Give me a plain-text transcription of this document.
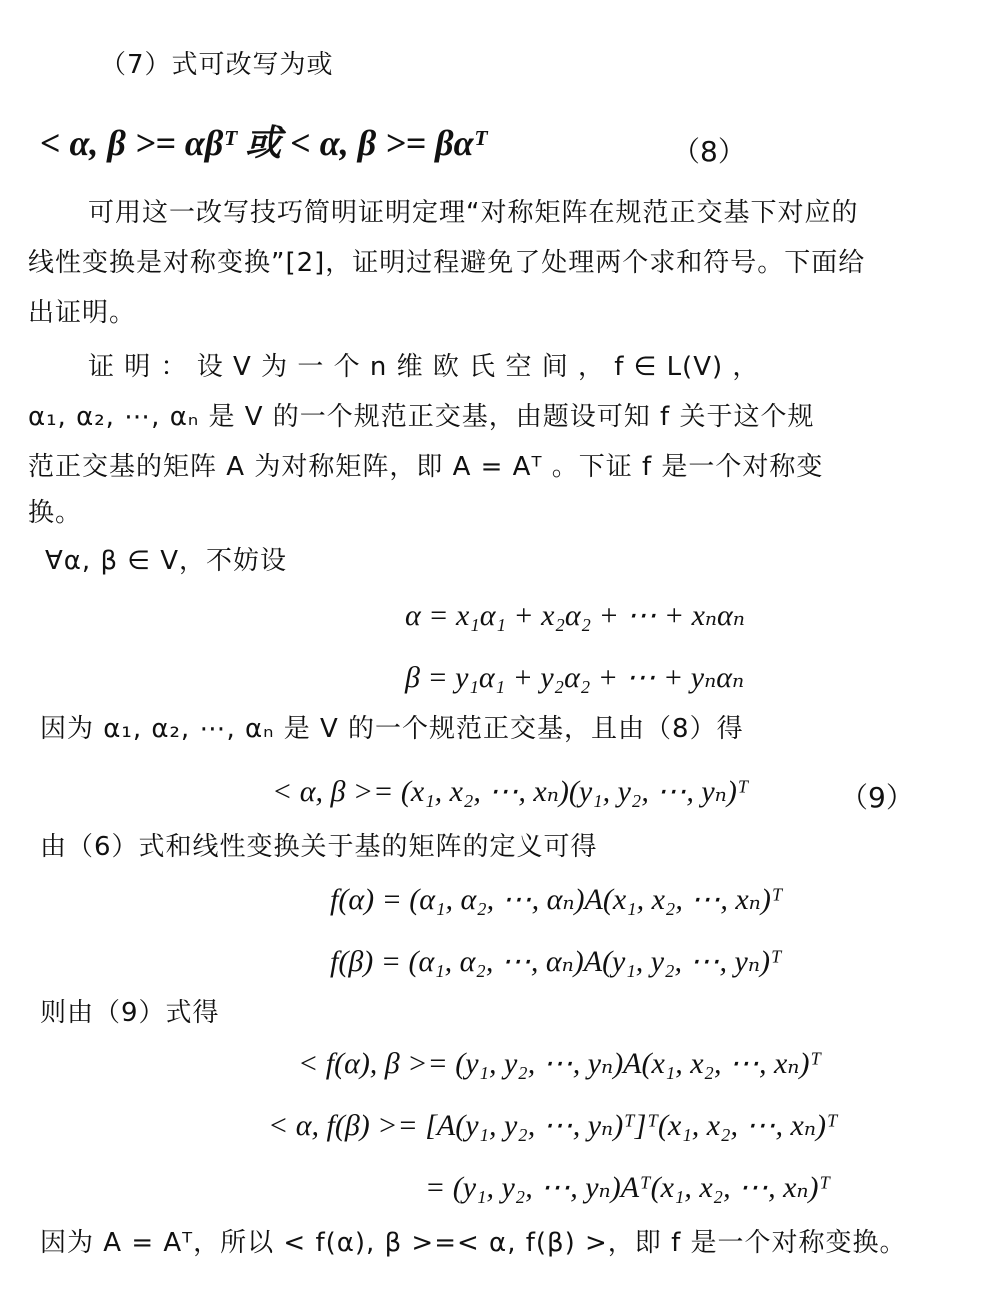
（7）式可改写为或
< α, β >= αβᵀ 或 < α, β >= βαᵀ	（8）
可用这一改写技巧简明证明定理“对称矩阵在规范正交基下对应的
线性变换是对称变换”[2]，证明过程避免了处理两个求和符号。下面给
出证明。
证 明 ： 设 V 为 一 个 n 维 欧 氏 空 间 ， f ∈ L(V) ，
α₁, α₂, ⋯, αₙ 是 V 的一个规范正交基，由题设可知 f 关于这个规
范正交基的矩阵 A 为对称矩阵，即 A = Aᵀ 。下证 f 是一个对称变
换。
∀α, β ∈ V，不妨设
α = x₁α₁ + x₂α₂ + ⋯ + xₙαₙ
β = y₁α₁ + y₂α₂ + ⋯ + yₙαₙ
因为 α₁, α₂, ⋯, αₙ 是 V 的一个规范正交基，且由（8）得
< α, β >= (x₁, x₂, ⋯, xₙ)(y₁, y₂, ⋯, yₙ)ᵀ	（9）
由（6）式和线性变换关于基的矩阵的定义可得
f(α) = (α₁, α₂, ⋯, αₙ)A(x₁, x₂, ⋯, xₙ)ᵀ
f(β) = (α₁, α₂, ⋯, αₙ)A(y₁, y₂, ⋯, yₙ)ᵀ
则由（9）式得
< f(α), β >= (y₁, y₂, ⋯, yₙ)A(x₁, x₂, ⋯, xₙ)ᵀ
< α, f(β) >= [A(y₁, y₂, ⋯, yₙ)ᵀ]ᵀ(x₁, x₂, ⋯, xₙ)ᵀ
= (y₁, y₂, ⋯, yₙ)Aᵀ(x₁, x₂, ⋯, xₙ)ᵀ
因为 A = Aᵀ，所以 < f(α), β >=< α, f(β) >，即 f 是一个对称变换。
